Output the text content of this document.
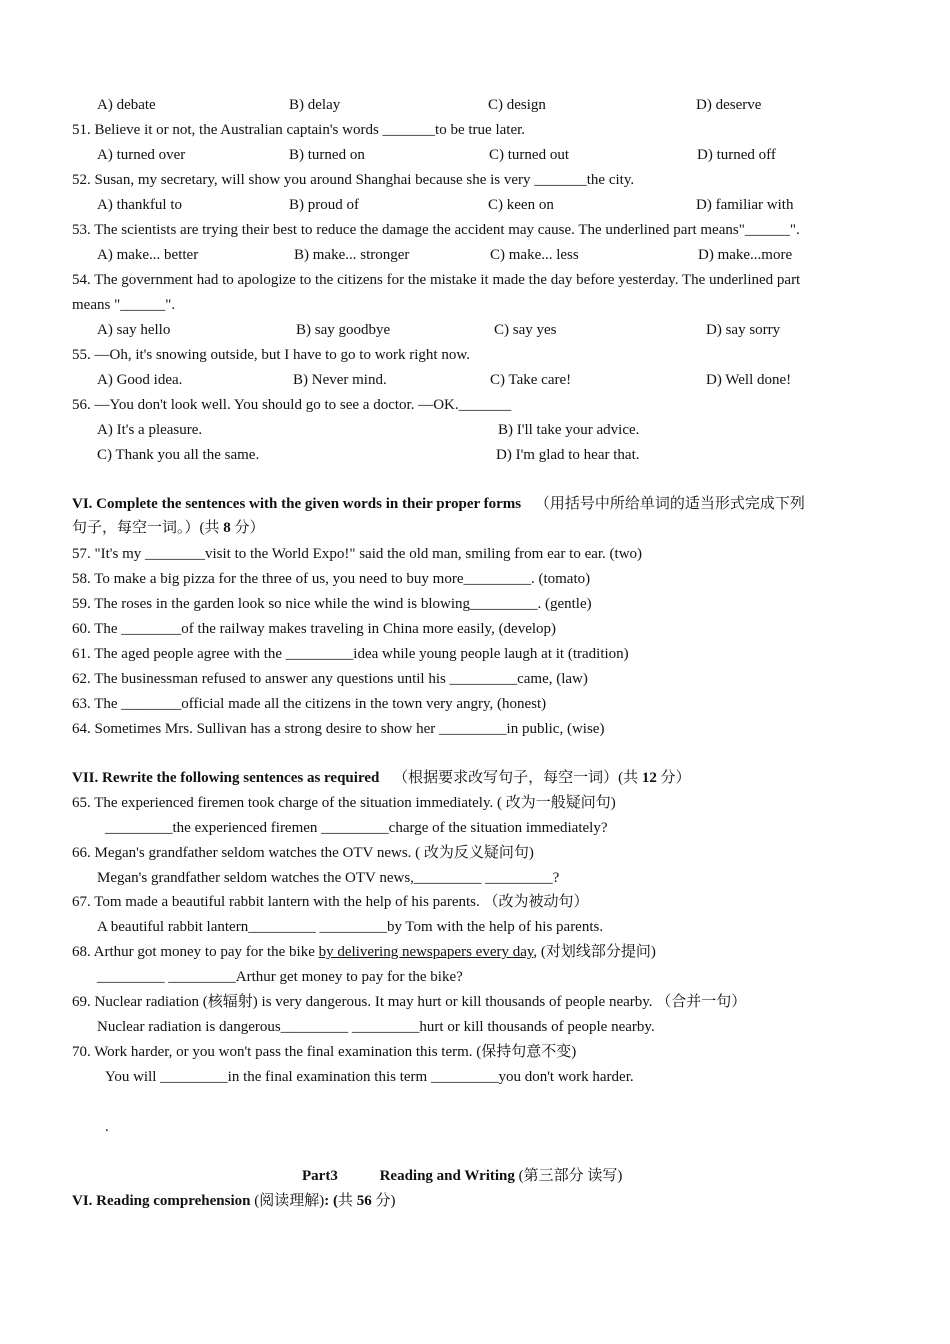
A) debate	B) delay	C) design	D) deserve
51. Believe it or not, the Australian captain's words _______to be true later.
A) turned over	B) turned on	C) turned out	D) turned off
52. Susan, my secretary, will show you around Shanghai because she is very _______the city.
A) thankful to	B) proud of	C) keen on	D) familiar with
53. The scientists are trying their best to reduce the damage the accident may cause. The underlined part means"______".
A) make... better	B) make... stronger	C) make... less	D) make...more
54. The government had to apologize to the citizens for the mistake it made the day before yesterday. The underlined part
means "______".
A) say hello	B) say goodbye	C) say yes	D) say sorry
55. —Oh, it's snowing outside, but I have to go to work right now.
A) Good idea.	B) Never mind.	C) Take care!	D) Well done!
56. —You don't look well. You should go to see a doctor. —OK._______
A) It's a pleasure.	B) I'll take your advice.
C) Thank you all the same.	D) I'm glad to hear that.
VI. Complete the sentences with the given words in their proper forms （用括号中所给单词的适当形式完成下列
句子，每空一词。）(共 8 分）
57. "It's my ________visit to the World Expo!" said the old man, smiling from ear to ear. (two)
58. To make a big pizza for the three of us, you need to buy more_________. (tomato)
59. The roses in the garden look so nice while the wind is blowing_________. (gentle)
60. The ________of the railway makes traveling in China more easily, (develop)
61. The aged people agree with the _________idea while young people laugh at it (tradition)
62. The businessman refused to answer any questions until his _________came, (law)
63. The ________official made all the citizens in the town very angry, (honest)
64. Sometimes Mrs. Sullivan has a strong desire to show her _________in public, (wise)
VII. Rewrite the following sentences as required （根据要求改写句子，每空一词）(共 12 分）
65. The experienced firemen took charge of the situation immediately. ( 改为一般疑问句)
_________the experienced firemen _________charge of the situation immediately?
66. Megan's grandfather seldom watches the OTV news. ( 改为反义疑问句)
Megan's grandfather seldom watches the OTV news,_________ _________?
67. Tom made a beautiful rabbit lantern with the help of his parents. （改为被动句）
A beautiful rabbit lantern_________ _________by Tom with the help of his parents.
68. Arthur got money to pay for the bike by delivering newspapers every day, (对划线部分提问)
_________ _________Arthur get money to pay for the bike?
69. Nuclear radiation (核辐射) is very dangerous. It may hurt or kill thousands of people nearby. （合并一句）
Nuclear radiation is dangerous_________ _________hurt or kill thousands of people nearby.
70. Work harder, or you won't pass the final examination this term. (保持句意不变)
You will _________in the final examination this term _________you don't work harder.
.
Part3	Reading and Writing (第三部分 读写)
VI. Reading comprehension (阅读理解): (共 56 分)
